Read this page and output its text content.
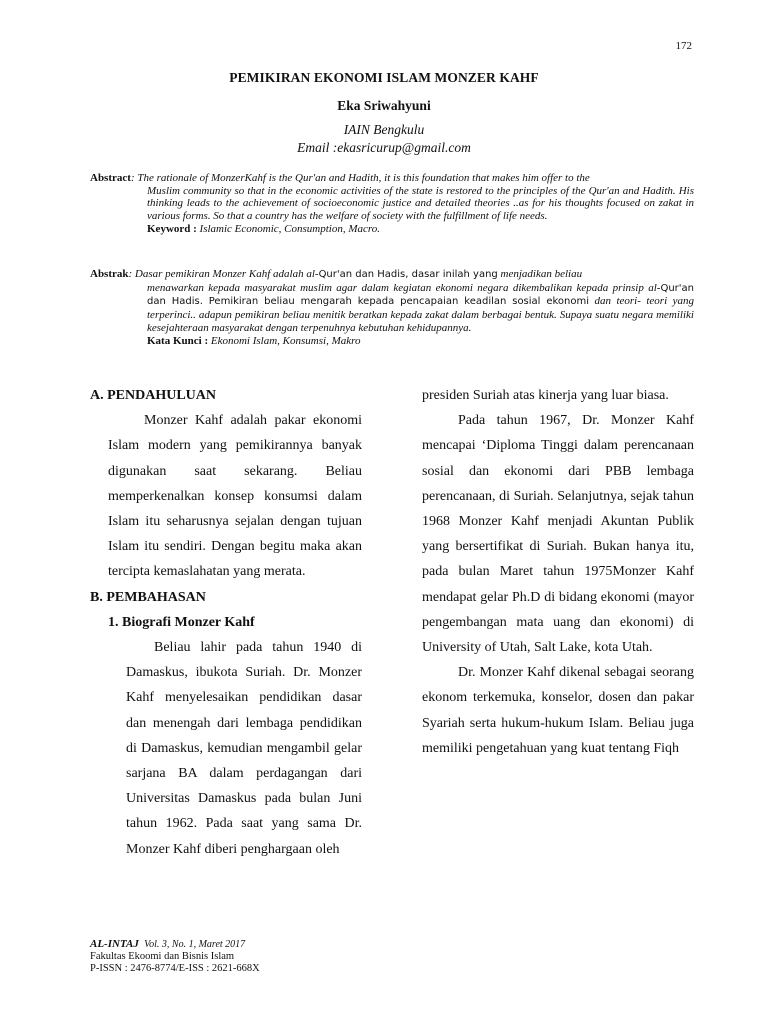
172
PEMIKIRAN EKONOMI ISLAM MONZER KAHF
Eka Sriwahyuni
IAIN Bengkulu
Email :ekasricurup@gmail.com
Abstract: The rationale of MonzerKahf is the Qur'an and Hadith, it is this foundation that makes him offer to the
Muslim community so that in the economic activities of the state is restored to the principles of the Qur'an and Hadith. His thinking leads to the achievement of socioeconomic justice and detailed theories ..as for his thoughts focused on zakat in various forms. So that a country has the welfare of society with the fulfillment of life needs.
Keyword : Islamic Economic, Consumption, Macro.
Abstrak: Dasar pemikiran Monzer Kahf adalah al-Qur'an dan Hadis, dasar inilah yang menjadikan beliau
menawarkan kepada masyarakat muslim agar dalam kegiatan ekonomi negara dikembalikan kepada prinsip al-Qur'an dan Hadis. Pemikiran beliau mengarah kepada pencapaian keadilan sosial ekonomi dan teori- teori yang terperinci.. adapun pemikiran beliau menitik beratkan kepada zakat dalam berbagai bentuk. Supaya suatu negara memiliki kesejahteraan masyarakat dengan terpenuhnya kebutuhan kehidupannya.
Kata Kunci : Ekonomi Islam, Konsumsi, Makro

A. PENDAHULUAN

Monzer Kahf adalah pakar ekonomi Islam modern yang pemikirannya banyak digunakan saat sekarang. Beliau memperkenalkan konsep konsumsi dalam Islam itu seharusnya sejalan dengan tujuan Islam itu sendiri. Dengan begitu maka akan tercipta kemaslahatan yang merata.

B. PEMBAHASAN

1. Biografi Monzer Kahf

Beliau lahir pada tahun 1940 di Damaskus, ibukota Suriah. Dr. Monzer Kahf menyelesaikan pendidikan dasar dan menengah dari lembaga pendidikan di Damaskus, kemudian mengambil gelar sarjana BA dalam perdagangan dari Universitas Damaskus pada bulan Juni tahun 1962. Pada saat yang sama Dr. Monzer Kahf diberi penghargaan oleh

presiden Suriah atas kinerja yang luar biasa.

Pada tahun 1967, Dr. Monzer Kahf mencapai ‘Diploma Tinggi dalam perencanaan sosial dan ekonomi dari PBB lembaga perencanaan, di Suriah. Selanjutnya, sejak tahun 1968 Monzer Kahf menjadi Akuntan Publik yang bersertifikat di Suriah. Bukan hanya itu, pada bulan Maret tahun 1975Monzer Kahf mendapat gelar Ph.D di bidang ekonomi (mayor pengembangan mata uang dan ekonomi) di University of Utah, Salt Lake, kota Utah.

Dr. Monzer Kahf dikenal sebagai seorang ekonom terkemuka, konselor, dosen dan pakar Syariah serta hukum-hukum Islam. Beliau juga memiliki pengetahuan yang kuat tentang Fiqh

AL-INTAJ Vol. 3, No. 1, Maret 2017
Fakultas Ekoomi dan Bisnis Islam
P-ISSN : 2476-8774/E-ISS : 2621-668X
